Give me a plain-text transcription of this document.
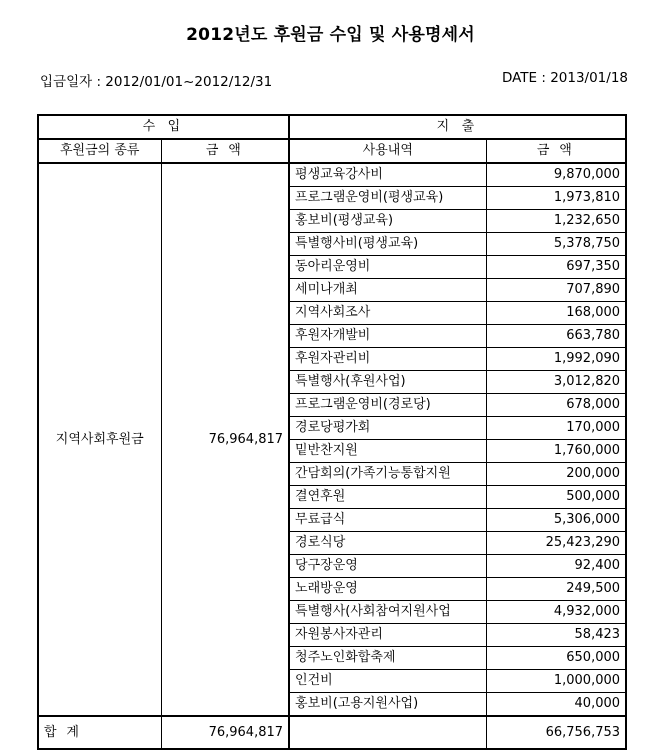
2012년도 후원금 수입 및 사용명세서
입금일자 : 2012/01/01~2012/12/31	DATE : 2013/01/18
수 입		지 출	
후원금의 종류	금 액	사용내역	금 액
지역사회후원금	76,964,817	평생교육강사비	9,870,000
		프로그램운영비(평생교육)	1,973,810
		홍보비(평생교육)	1,232,650
		특별행사비(평생교육)	5,378,750
		동아리운영비	697,350
		세미나개최	707,890
		지역사회조사	168,000
		후원자개발비	663,780
		후원자관리비	1,992,090
		특별행사(후원사업)	3,012,820
		프로그램운영비(경로당)	678,000
		경로당평가회	170,000
		밑반찬지원	1,760,000
		간담회의(가족기능통합지원	200,000
		결연후원	500,000
		무료급식	5,306,000
		경로식당	25,423,290
		당구장운영	92,400
		노래방운영	249,500
		특별행사(사회참여지원사업	4,932,000
		자원봉사자관리	58,423
		청주노인화합축제	650,000
		인건비	1,000,000
		홍보비(고용지원사업)	40,000
합 계	76,964,817		66,756,753
